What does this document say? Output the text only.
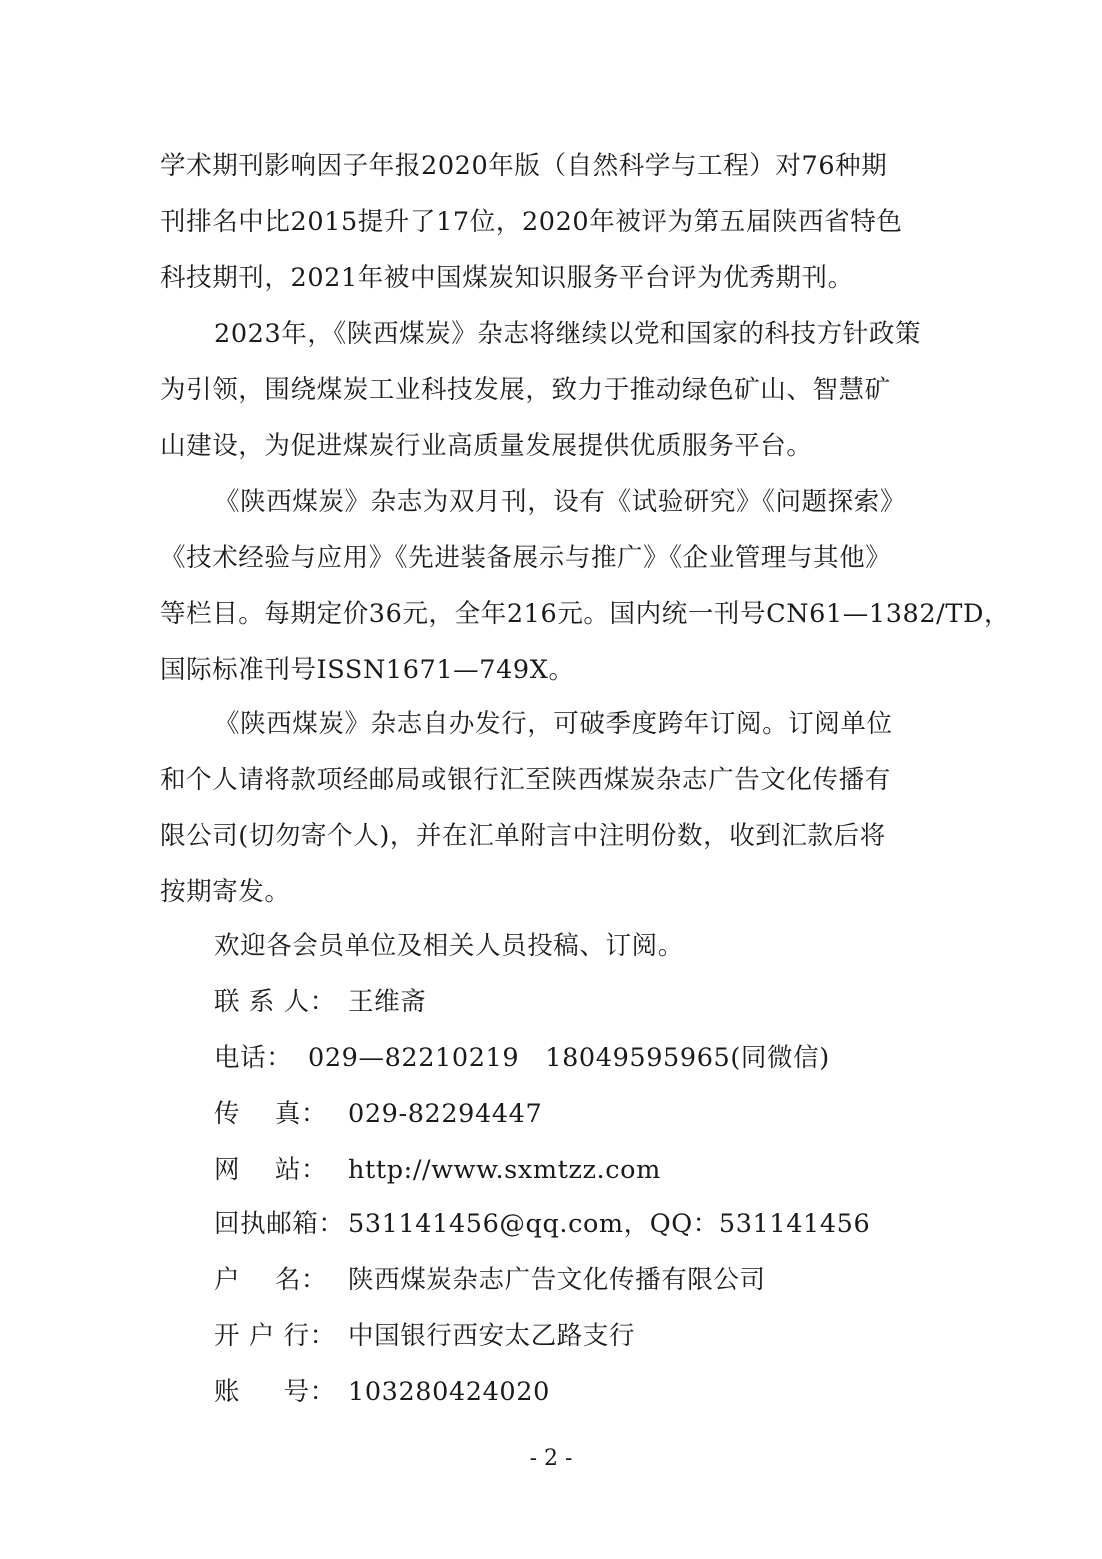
学术期刊影响因子年报2020年版（自然科学与工程）对76种期
刊排名中比2015提升了17位，2020年被评为第五届陕西省特色
科技期刊，2021年被中国煤炭知识服务平台评为优秀期刊。
2023年，《陕西煤炭》杂志将继续以党和国家的科技方针政策
为引领，围绕煤炭工业科技发展，致力于推动绿色矿山、智慧矿
山建设，为促进煤炭行业高质量发展提供优质服务平台。
《陕西煤炭》杂志为双月刊，设有《试验研究》《问题探索》
《技术经验与应用》《先进装备展示与推广》《企业管理与其他》
等栏目。每期定价36元，全年216元。国内统一刊号CN61—1382/TD，
国际标准刊号ISSN1671—749X。
《陕西煤炭》杂志自办发行，可破季度跨年订阅。订阅单位
和个人请将款项经邮局或银行汇至陕西煤炭杂志广告文化传播有
限公司(切勿寄个人)，并在汇单附言中注明份数，收到汇款后将
按期寄发。
欢迎各会员单位及相关人员投稿、订阅。
联 系 人： 王维斋
电话： 029—82210219   18049595965(同微信)
传    真： 029-82294447
网    站： http://www.sxmtzz.com
回执邮箱： 531141456@qq.com，QQ：531141456
户    名： 陕西煤炭杂志广告文化传播有限公司
开 户 行： 中国银行西安太乙路支行
账     号： 103280424020
- 2 -
